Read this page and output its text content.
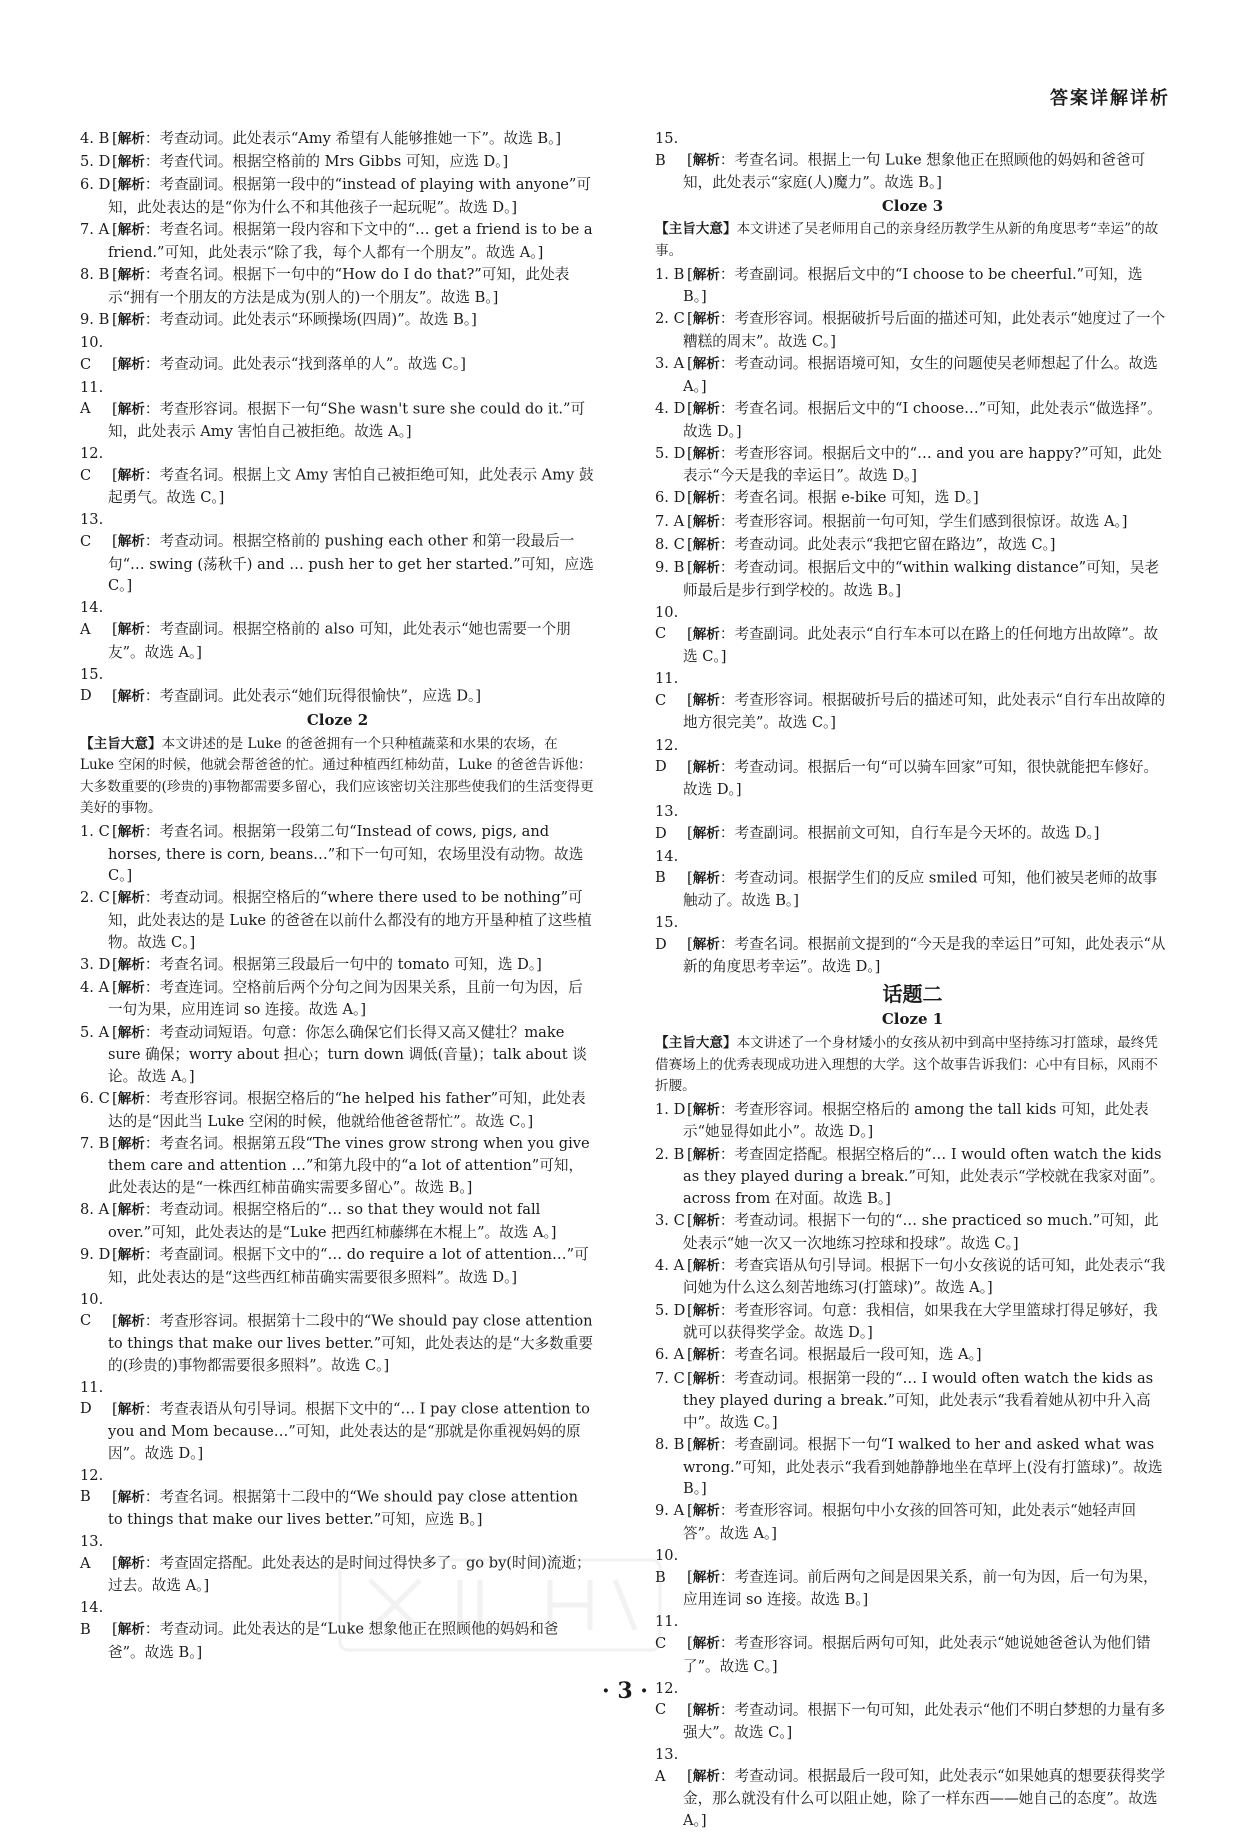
答案详解详析

4. B [解析：考查动词。此处表示“Amy 希望有人能够推她一下”。故选 B。]

5. D [解析：考查代词。根据空格前的 Mrs Gibbs 可知，应选 D。]

6. D [解析：考查副词。根据第一段中的“instead of playing with anyone”可知，此处表达的是“你为什么不和其他孩子一起玩呢”。故选 D。]

7. A [解析：考查名词。根据第一段内容和下文中的“… get a friend is to be a friend.”可知，此处表示“除了我，每个人都有一个朋友”。故选 A。]

8. B [解析：考查名词。根据下一句中的“How do I do that?”可知，此处表示“拥有一个朋友的方法是成为(别人的)一个朋友”。故选 B。]

9. B [解析：考查动词。此处表示“环顾操场(四周)”。故选 B。]

10. C [解析：考查动词。此处表示“找到落单的人”。故选 C。]

11. A [解析：考查形容词。根据下一句“She wasn't sure she could do it.”可知，此处表示 Amy 害怕自己被拒绝。故选 A。]

12. C [解析：考查名词。根据上文 Amy 害怕自己被拒绝可知，此处表示 Amy 鼓起勇气。故选 C。]

13. C [解析：考查动词。根据空格前的 pushing each other 和第一段最后一句“… swing (荡秋千) and … push her to get her started.”可知，应选 C。]

14. A [解析：考查副词。根据空格前的 also 可知，此处表示“她也需要一个朋友”。故选 A。]

15. D [解析：考查副词。此处表示“她们玩得很愉快”，应选 D。]

Cloze 2

【主旨大意】本文讲述的是 Luke 的爸爸拥有一个只种植蔬菜和水果的农场，在 Luke 空闲的时候，他就会帮爸爸的忙。通过种植西红柿幼苗，Luke 的爸爸告诉他：大多数重要的(珍贵的)事物都需要多留心，我们应该密切关注那些使我们的生活变得更美好的事物。

1. C [解析：考查名词。根据第一段第二句“Instead of cows, pigs, and horses, there is corn, beans…”和下一句可知，农场里没有动物。故选 C。]

2. C [解析：考查动词。根据空格后的“where there used to be nothing”可知，此处表达的是 Luke 的爸爸在以前什么都没有的地方开垦种植了这些植物。故选 C。]

3. D [解析：考查名词。根据第三段最后一句中的 tomato 可知，选 D。]

4. A [解析：考查连词。空格前后两个分句之间为因果关系，且前一句为因，后一句为果，应用连词 so 连接。故选 A。]

5. A [解析：考查动词短语。句意：你怎么确保它们长得又高又健壮？make sure 确保；worry about 担心；turn down 调低(音量)；talk about 谈论。故选 A。]

6. C [解析：考查形容词。根据空格后的“he helped his father”可知，此处表达的是“因此当 Luke 空闲的时候，他就给他爸爸帮忙”。故选 C。]

7. B [解析：考查名词。根据第五段“The vines grow strong when you give them care and attention …”和第九段中的“a lot of attention”可知，此处表达的是“一株西红柿苗确实需要多留心”。故选 B。]

8. A [解析：考查动词。根据空格后的“… so that they would not fall over.”可知，此处表达的是“Luke 把西红柿藤绑在木棍上”。故选 A。]

9. D [解析：考查副词。根据下文中的“… do require a lot of attention…”可知，此处表达的是“这些西红柿苗确实需要很多照料”。故选 D。]

10. C [解析：考查形容词。根据第十二段中的“We should pay close attention to things that make our lives better.”可知，此处表达的是“大多数重要的(珍贵的)事物都需要很多照料”。故选 C。]

11. D [解析：考查表语从句引导词。根据下文中的“… I pay close attention to you and Mom because…”可知，此处表达的是“那就是你重视妈妈的原因”。故选 D。]

12. B [解析：考查名词。根据第十二段中的“We should pay close attention to things that make our lives better.”可知，应选 B。]

13. A [解析：考查固定搭配。此处表达的是时间过得快多了。go by(时间)流逝；过去。故选 A。]

14. B [解析：考查动词。此处表达的是“Luke 想象他正在照顾他的妈妈和爸爸”。故选 B。]

15. B [解析：考查名词。根据上一句 Luke 想象他正在照顾他的妈妈和爸爸可知，此处表示“家庭(人)魔力”。故选 B。]

Cloze 3

【主旨大意】本文讲述了吴老师用自己的亲身经历教学生从新的角度思考“幸运”的故事。

1. B [解析：考查副词。根据后文中的“I choose to be cheerful.”可知，选 B。]

2. C [解析：考查形容词。根据破折号后面的描述可知，此处表示“她度过了一个糟糕的周末”。故选 C。]

3. A [解析：考查动词。根据语境可知，女生的问题使吴老师想起了什么。故选 A。]

4. D [解析：考查名词。根据后文中的“I choose…”可知，此处表示“做选择”。故选 D。]

5. D [解析：考查形容词。根据后文中的“… and you are happy?”可知，此处表示“今天是我的幸运日”。故选 D。]

6. D [解析：考查名词。根据 e-bike 可知，选 D。]

7. A [解析：考查形容词。根据前一句可知，学生们感到很惊讶。故选 A。]

8. C [解析：考查动词。此处表示“我把它留在路边”，故选 C。]

9. B [解析：考查动词。根据后文中的“within walking distance”可知，吴老师最后是步行到学校的。故选 B。]

10. C [解析：考查副词。此处表示“自行车本可以在路上的任何地方出故障”。故选 C。]

11. C [解析：考查形容词。根据破折号后的描述可知，此处表示“自行车出故障的地方很完美”。故选 C。]

12. D [解析：考查动词。根据后一句“可以骑车回家”可知，很快就能把车修好。故选 D。]

13. D [解析：考查副词。根据前文可知，自行车是今天坏的。故选 D。]

14. B [解析：考查动词。根据学生们的反应 smiled 可知，他们被吴老师的故事触动了。故选 B。]

15. D [解析：考查名词。根据前文提到的“今天是我的幸运日”可知，此处表示“从新的角度思考幸运”。故选 D。]

话题二
Cloze 1

【主旨大意】本文讲述了一个身材矮小的女孩从初中到高中坚持练习打篮球，最终凭借赛场上的优秀表现成功进入理想的大学。这个故事告诉我们：心中有目标，风雨不折腰。

1. D [解析：考查形容词。根据空格后的 among the tall kids 可知，此处表示“她显得如此小”。故选 D。]

2. B [解析：考查固定搭配。根据空格后的“… I would often watch the kids as they played during a break.”可知，此处表示“学校就在我家对面”。across from 在对面。故选 B。]

3. C [解析：考查动词。根据下一句的“… she practiced so much.”可知，此处表示“她一次又一次地练习控球和投球”。故选 C。]

4. A [解析：考查宾语从句引导词。根据下一句小女孩说的话可知，此处表示“我问她为什么这么刻苦地练习(打篮球)”。故选 A。]

5. D [解析：考查形容词。句意：我相信，如果我在大学里篮球打得足够好，我就可以获得奖学金。故选 D。]

6. A [解析：考查名词。根据最后一段可知，选 A。]

7. C [解析：考查动词。根据第一段的“… I would often watch the kids as they played during a break.”可知，此处表示“我看着她从初中升入高中”。故选 C。]

8. B [解析：考查副词。根据下一句“I walked to her and asked what was wrong.”可知，此处表示“我看到她静静地坐在草坪上(没有打篮球)”。故选 B。]

9. A [解析：考查形容词。根据句中小女孩的回答可知，此处表示“她轻声回答”。故选 A。]

10. B [解析：考查连词。前后两句之间是因果关系，前一句为因，后一句为果，应用连词 so 连接。故选 B。]

11. C [解析：考查形容词。根据后两句可知，此处表示“她说她爸爸认为他们错了”。故选 C。]

12. C [解析：考查动词。根据下一句可知，此处表示“他们不明白梦想的力量有多强大”。故选 C。]

13. A [解析：考查动词。根据最后一段可知，此处表示“如果她真的想要获得奖学金，那么就没有什么可以阻止她，除了一样东西——她自己的态度”。故选 A。]

· 3 ·
